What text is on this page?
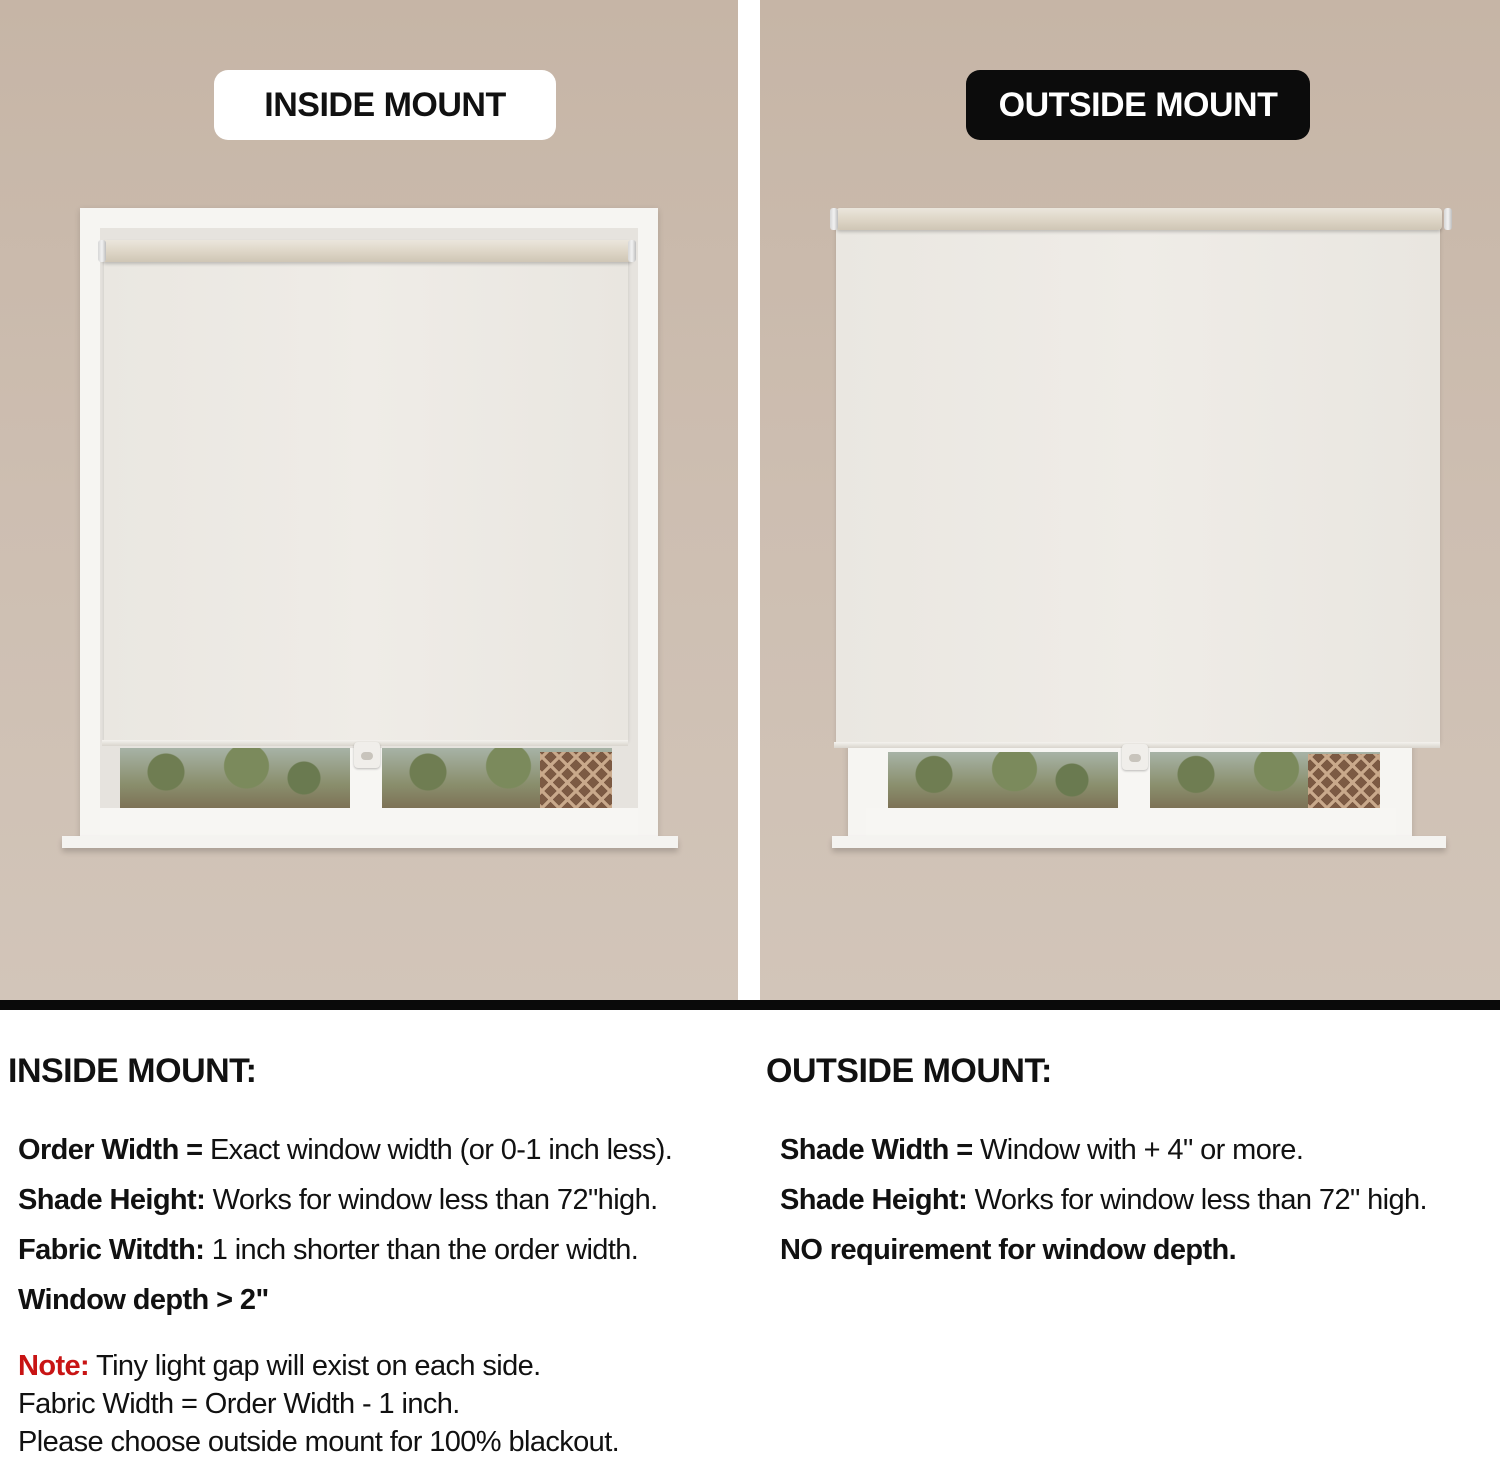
INSIDE MOUNT	OUTSIDE MOUNT
INSIDE MOUNT:
Order Width = Exact window width (or 0-1 inch less).
Shade Height: Works for window less than 72"high.
Fabric Witdth: 1 inch shorter than the order width.
Window depth > 2"
Note: Tiny light gap will exist on each side.
Fabric Width = Order Width - 1 inch.
Please choose outside mount for 100% blackout.
OUTSIDE MOUNT:
Shade Width = Window with + 4" or more.
Shade Height: Works for window less than 72" high.
NO requirement for window depth.
